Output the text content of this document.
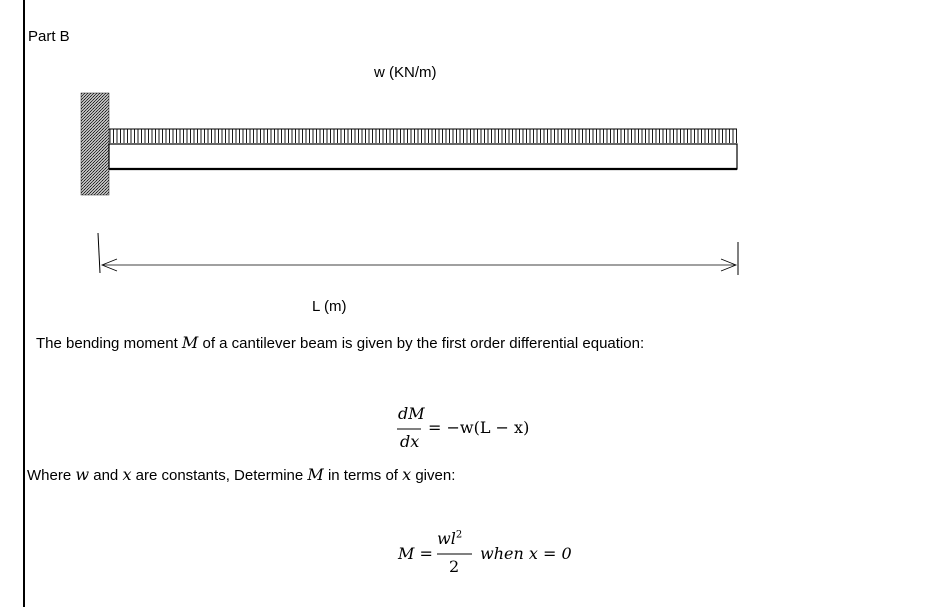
Part B
w (KN/m)
L (m)
The bending moment M of a cantilever beam is given by the first order differential equation:
dM
dx
= −w(L − x)
Where w and x are constants, Determine M in terms of x given:
M =
$wl^2$
2
when x = 0
